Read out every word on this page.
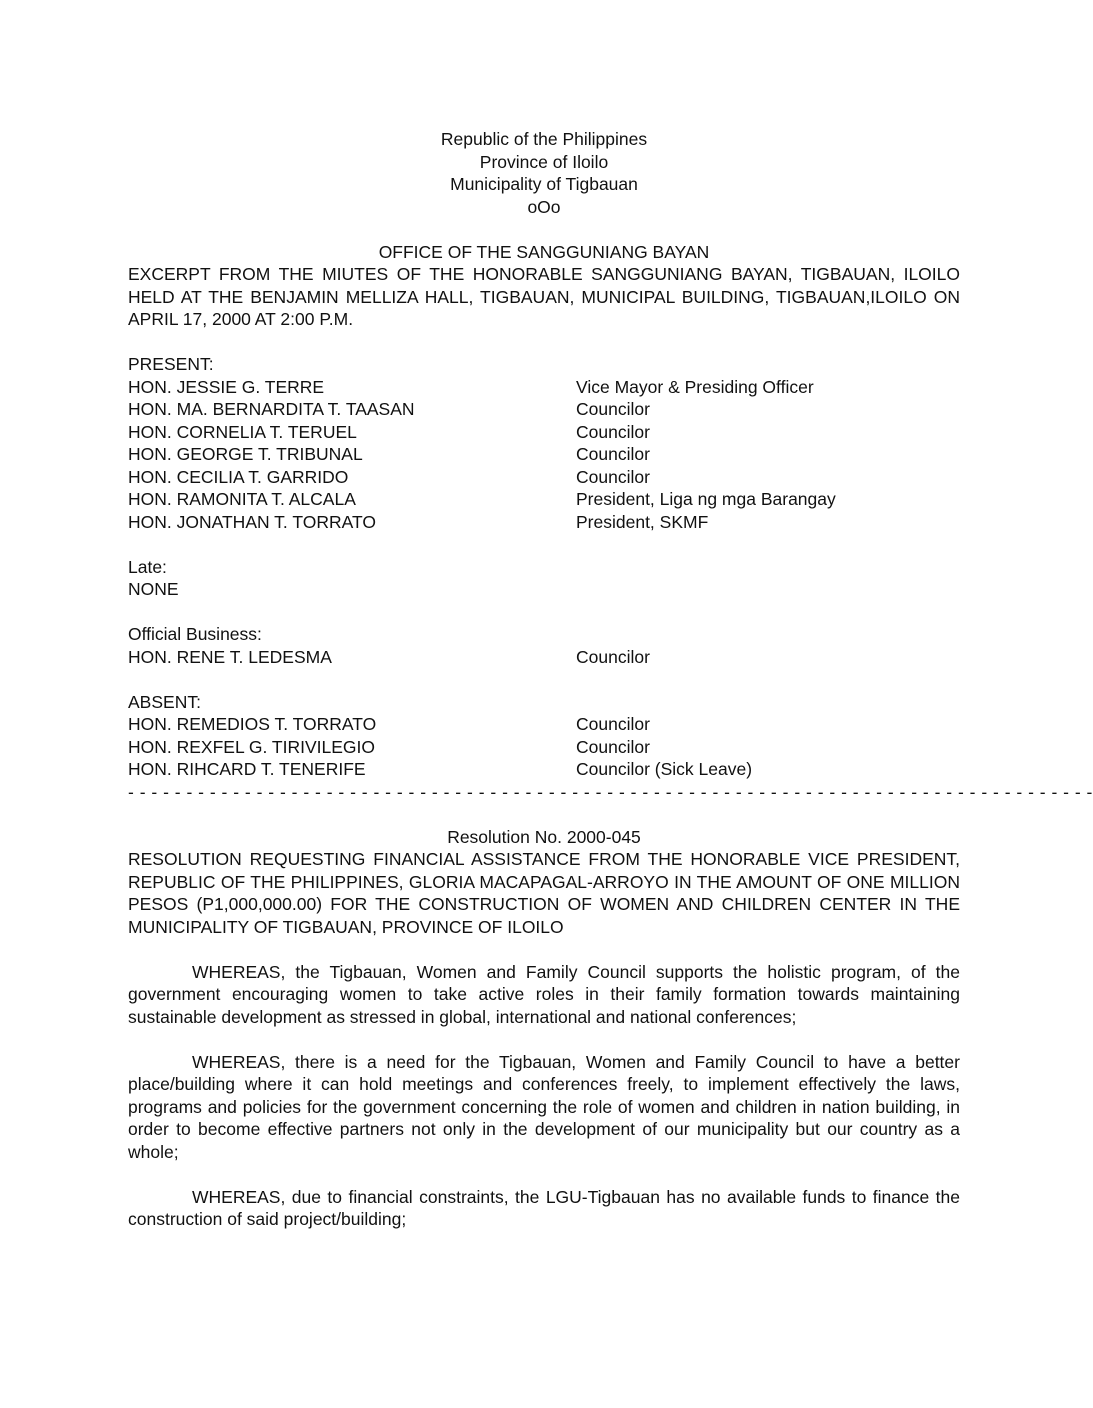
Republic of the Philippines
Province of Iloilo
Municipality of Tigbauan
oOo
OFFICE OF THE SANGGUNIANG BAYAN

EXCERPT FROM THE MIUTES OF THE HONORABLE SANGGUNIANG BAYAN, TIGBAUAN, ILOILO HELD AT THE BENJAMIN MELLIZA HALL, TIGBAUAN, MUNICIPAL BUILDING, TIGBAUAN,ILOILO ON APRIL 17, 2000 AT 2:00 P.M.

PRESENT:

HON. JESSIE G. TERRE	Vice Mayor & Presiding Officer
HON. MA. BERNARDITA T. TAASAN	Councilor
HON. CORNELIA T. TERUEL	Councilor
HON. GEORGE T. TRIBUNAL	Councilor
HON. CECILIA T. GARRIDO	Councilor
HON. RAMONITA T. ALCALA	President, Liga ng mga Barangay
HON. JONATHAN T. TORRATO	President, SKMF

Late:

NONE

Official Business:

HON. RENE T. LEDESMA	Councilor

ABSENT:

HON. REMEDIOS T. TORRATO	Councilor
HON. REXFEL G. TIRIVILEGIO	Councilor
HON. RIHCARD T. TENERIFE	Councilor (Sick Leave)
- - - - - - - - - - - - - - - - - - - - - - - - - - - - - - - - - - - - - - - - - - - - - - - - - - - - - - - - - - - - - - - - - - - - - - - - - - - - - - - - - - -
Resolution No. 2000-045

RESOLUTION REQUESTING FINANCIAL ASSISTANCE FROM THE HONORABLE VICE PRESIDENT, REPUBLIC OF THE PHILIPPINES, GLORIA MACAPAGAL-ARROYO IN THE AMOUNT OF ONE MILLION PESOS (P1,000,000.00) FOR THE CONSTRUCTION OF WOMEN AND CHILDREN CENTER IN THE MUNICIPALITY OF TIGBAUAN, PROVINCE OF ILOILO

WHEREAS, the Tigbauan, Women and Family Council supports the holistic program, of the government encouraging women to take active roles in their family formation towards maintaining sustainable development as stressed in global, international and national conferences;

WHEREAS, there is a need for the Tigbauan, Women and Family Council to have a better place/building where it can hold meetings and conferences freely, to implement effectively the laws, programs and policies for the government concerning the role of women and children in nation building, in order to become effective partners not only in the development of our municipality but our country as a whole;

WHEREAS, due to financial constraints, the LGU-Tigbauan has no available funds to finance the construction of said project/building;
